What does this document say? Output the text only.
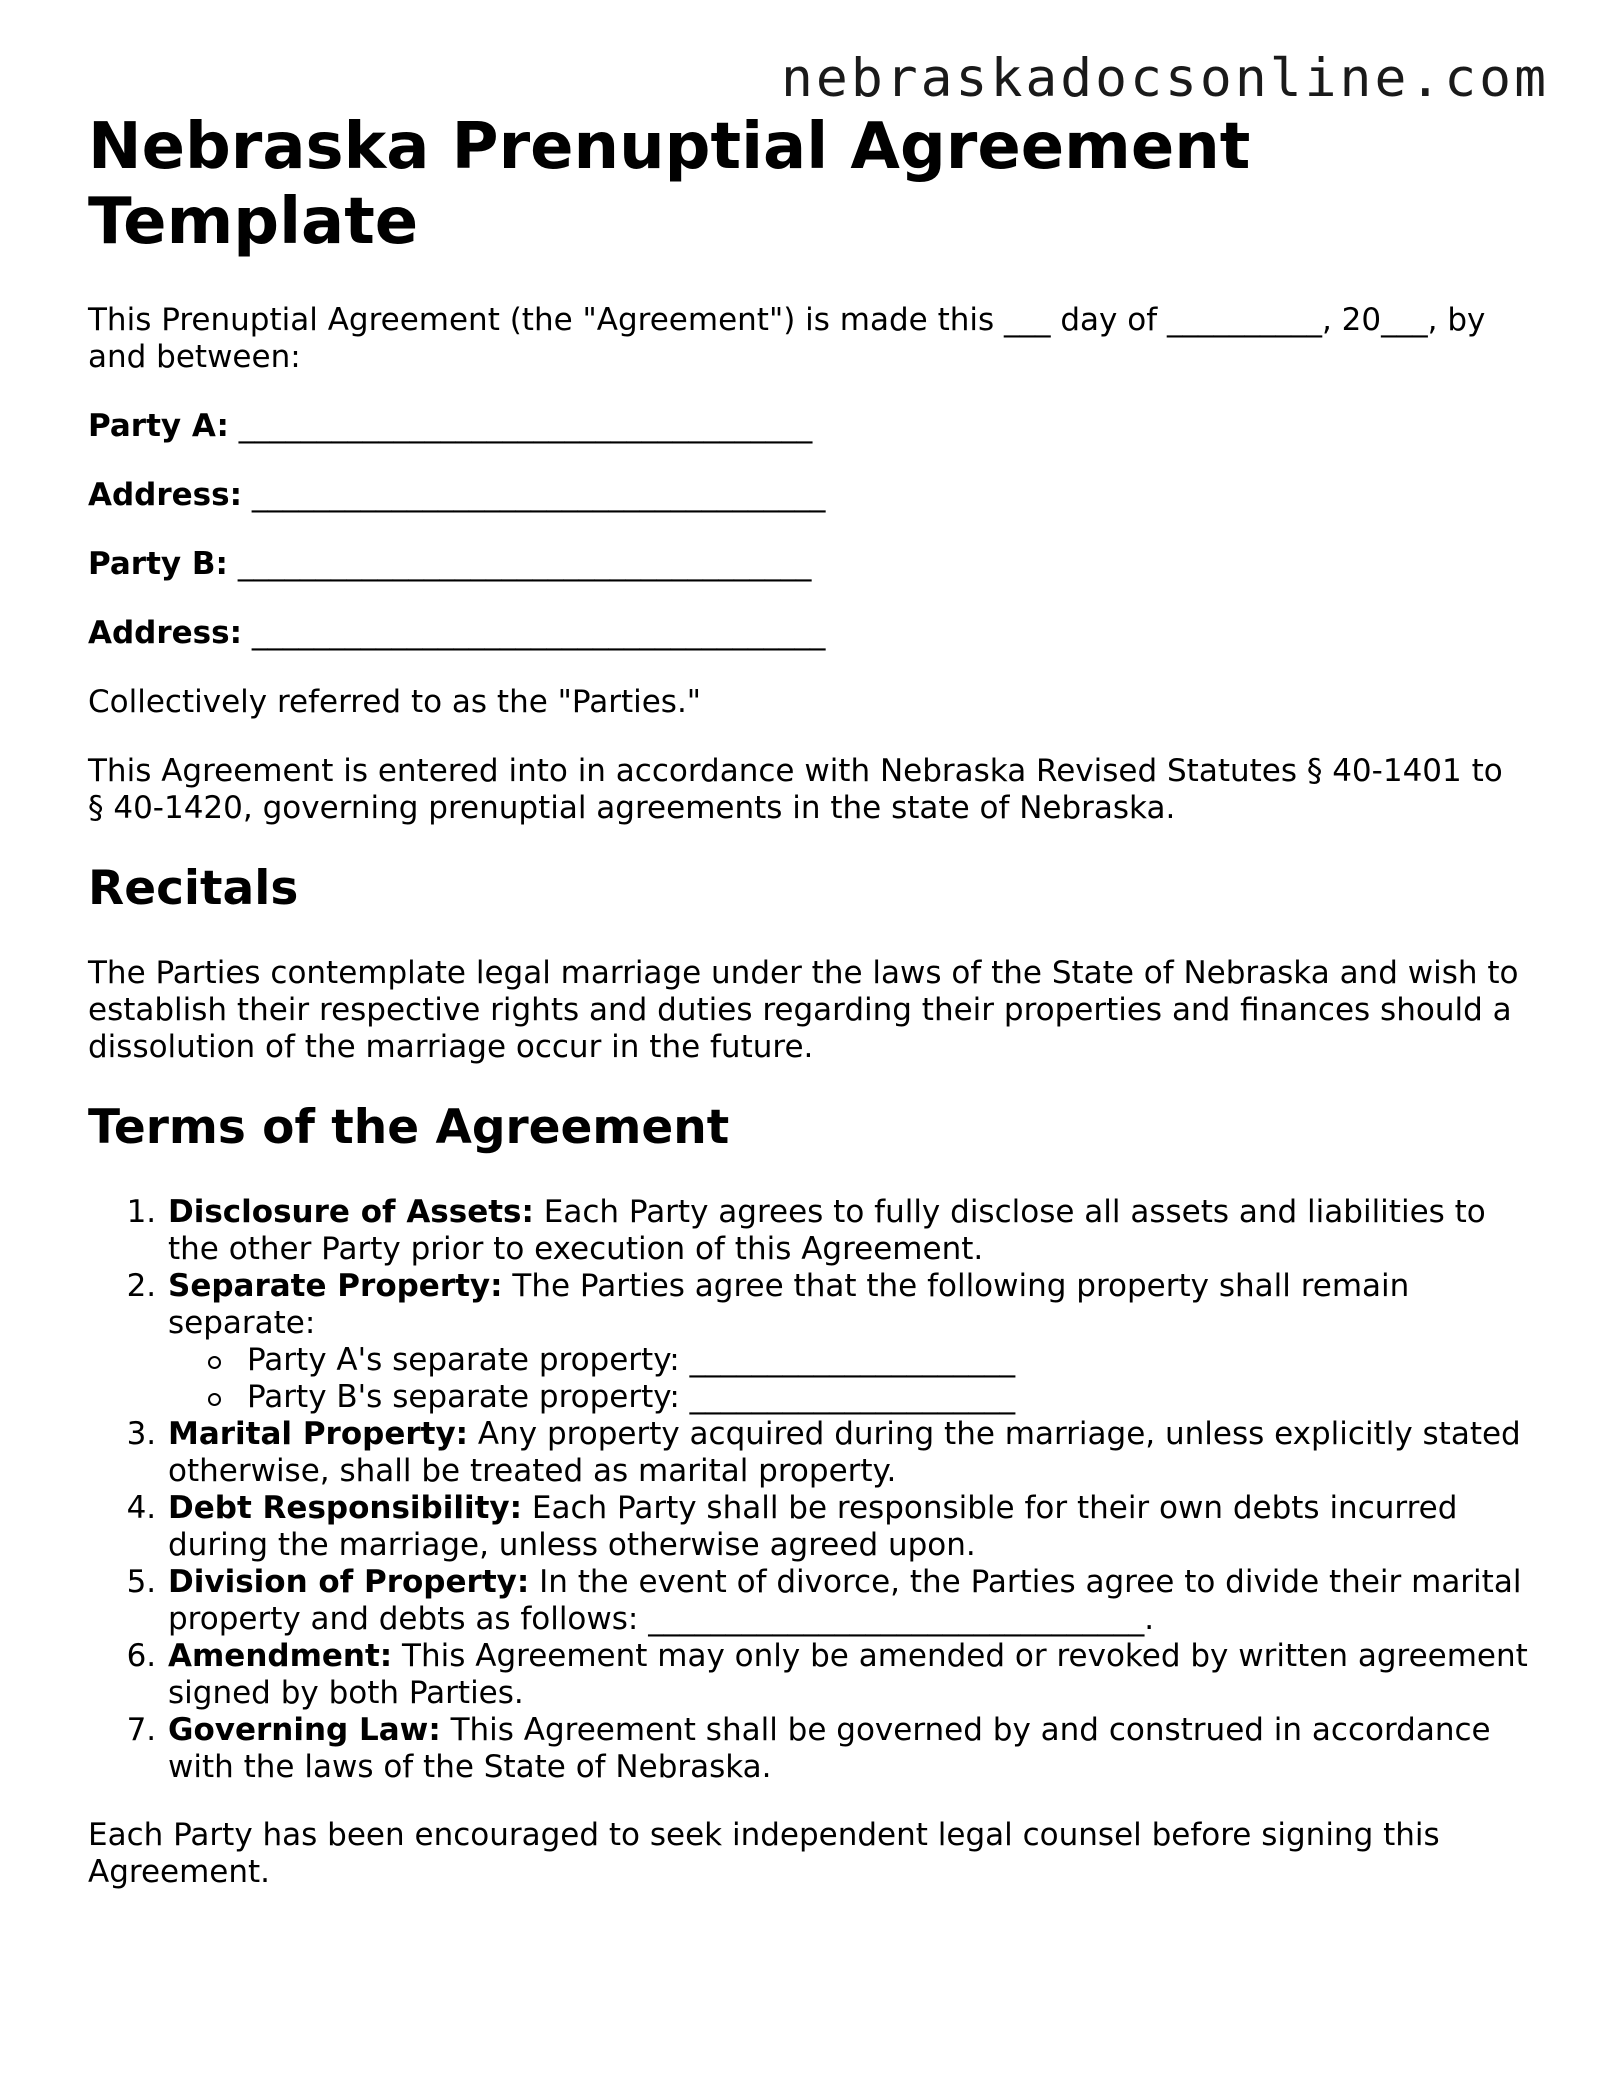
nebraskadocsonline.com
Nebraska Prenuptial Agreement Template

This Prenuptial Agreement (the "Agreement") is made this ___ day of __________, 20___, by and between:

Party A: _____________________________________
Address: _____________________________________
Party B: _____________________________________
Address: _____________________________________

Collectively referred to as the "Parties."

This Agreement is entered into in accordance with Nebraska Revised Statutes § 40-1401 to § 40-1420, governing prenuptial agreements in the state of Nebraska.

Recitals

The Parties contemplate legal marriage under the laws of the State of Nebraska and wish to establish their respective rights and duties regarding their properties and finances should a dissolution of the marriage occur in the future.

Terms of the Agreement
1. Disclosure of Assets: Each Party agrees to fully disclose all assets and liabilities to the other Party prior to execution of this Agreement.
2. Separate Property: The Parties agree that the following property shall remain separate:
Party A's separate property: _____________________
Party B's separate property: _____________________
3. Marital Property: Any property acquired during the marriage, unless explicitly stated otherwise, shall be treated as marital property.
4. Debt Responsibility: Each Party shall be responsible for their own debts incurred during the marriage, unless otherwise agreed upon.
5. Division of Property: In the event of divorce, the Parties agree to divide their marital property and debts as follows: ________________________________.
6. Amendment: This Agreement may only be amended or revoked by written agreement signed by both Parties.
7. Governing Law: This Agreement shall be governed by and construed in accordance with the laws of the State of Nebraska.

Each Party has been encouraged to seek independent legal counsel before signing this Agreement.
